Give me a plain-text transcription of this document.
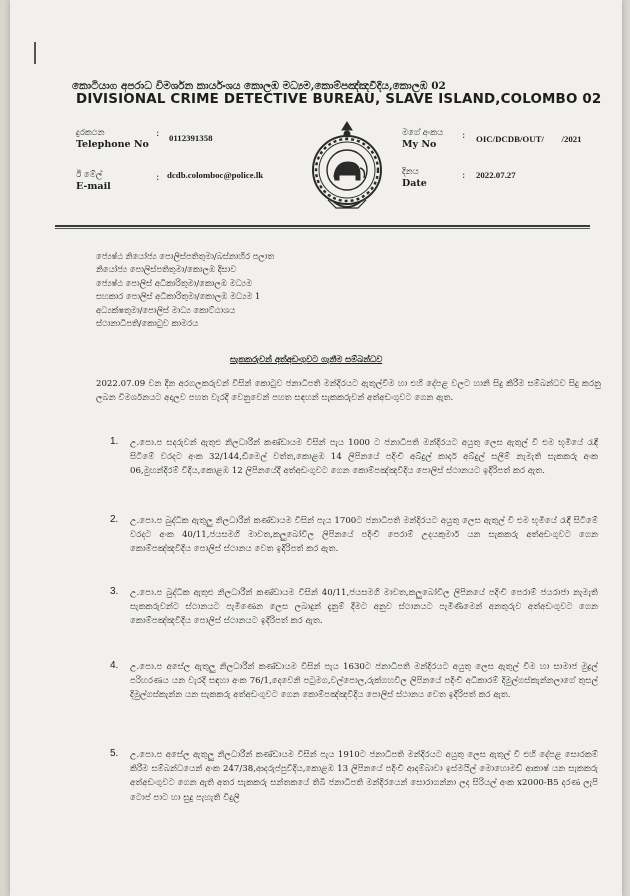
කොටියාග අපරාධ විමර්ශන කාර්යංශය කොලඹ මධ්‍යම,කොම්පඤ්ඤවීදිය,කොලඹ 02
DIVISIONAL CRIME DETECTIVE BUREAU, SLAVE ISLAND,COLOMBO 02
දුරකථන
Telephone No
: 0112391358
ඊ මේල්
E-mail
: dcdb.colomboc@police.lk
මගේ අංකය
My No
: OIC/DCDB/OUT/        /2021
දිනය
Date
: 2022.07.27
ජ්‍යෙෂ්ඨ නියෝජ්‍ය පොලිස්පතිතුමා/බස්නාහිර පලාත
නියෝජ්‍ය පොලිස්පතිතුමා/කොලඹ දිසාව
ජ්‍යෙෂ්ඨ පොලිස් අධිකාරිතුමා/කොලඹ මධ්‍යම
සහකාර පොලිස් අධිකාරිතුමා/කොලඹ මධ්‍යම 1
අධ්‍යක්ෂතුමා/පොලිස් මාධ්‍ය කොට්ඨාශය
ස්ථානාධිපති/කොටුව කාමරය
සැකකරුවන් අත්අඩංගුවට ගැනීම සම්බන්ධව
2022.07.09 වන දින අරගලකරුවන් විසින් කොටුව ජනාධිපති මන්දිරයට ඇතුල්වීම හා එහි දේපළ වලට හානි සිදු කිරීම සම්බන්ධව සිදු කරනු ලබන විමර්ශනයට අදාලව පහත වැරදි වෙනුවෙන් පහත සඳහන් සැකකරුවන් අත්අඩංගුවට ගෙන ඇත.
1. උ.පො.ප සදරුවන් ඇතුළු නිලධාරීන් කණ්ඩායම විසින් පැය 1000 ට ජනාධිපති මන්දිරයට අයුතු ලෙස ඇතුල් වී එම භූමියේ රැඳී සිටීමේ වරදට අංක 32/144,ඩීමෙල් වත්ත,කොළඹ 14 ලිපිනයේ පදිංචි අබ්දුල් කාදර් අබ්දුල් සලීම් නැමැති සැකකරු අංක 06,මුහන්දිරම් වීදිය,කොළඹ 12 ලිපිනයේදී අත්අඩංගුවට ගෙන කොම්පඤ්ඤවීදිය පොලිස් ස්ථානයට ඉදිරිපත් කර ඇත.
2. උ.පො.ප බුද්ධික ඇතුලු නිලධාරීන් කණ්ඩායම විසින් පැය 1700ට ජනාධිපති මන්දිරයට අයුතු ලෙස ඇතුල් වී එම භූමියේ රැඳී සිටීමේ වරදට අංක 40/11,ජයසමගි මාවත,කලුබෝවිල ලිපිනයේ පදිංචි පෙරාම් උදයකුමාර් යන සැකකරු අත්අඩංගුවට ගෙන කොම්පඤ්ඤවීදිය පොලිස් ස්ථානය වෙත ඉදිරිපත් කර ඇත.
3. උ.පො.ප බුද්ධික ඇතුළු නිලධාරීන් කණ්ඩායම විසින් 40/11,ජයසමගි මාවත,කලුබෝවිල ලිපිනයේ පදිංචි පෙරාම් ජයරාජා නැමැති සැකකරුවන්ට ස්ථානයට පැමිණෙන ලෙස ලබාදුන් දැනුම් දීමට අනුව ස්ථානයට පැමිණීමෙන් අනතුරුව අත්අඩංගුවට ගෙන කොම්පඤ්ඤවීදිය පොලිස් ස්ථානයට ඉදිරිපත් කර ඇත.
4. උ.පො.ප අසේල ඇතුලු නිලධාරීන් කණ්ඩායම විසින් පැය 1630ට ජනාධිපති මන්දිරයට අයුතු ලෙස ඇතුල් වීම හා සාමාජ මුද්‍රල් පරිහරණය යන වැරදි සඳහා අංක 76/1,දෙවෙනි පටුමග,වල්පොල,රුක්ගහවිල ලිපිනයේ පදිංචි අධිකාරම් දිමුල්ගස්කැන්නලාගේ තුසල් දිමුල්ගස්කැන්න යන සැකකරු අත්අඩංගුවට ගෙන කොම්පඤ්ඤවීදිය පොලිස් ස්ථානය වෙත ඉදිරිපත් කර ඇත.
5. උ.පො.ප අසේල ඇතුලු නිලධාරීන් කණ්ඩායම විසින් පැය 1910ට ජනාධිපති මන්දිරයට අයුතු ලෙස ඇතුල් වී එහි දේපළ සොරකම් කිරීම සම්බන්ධයෙන් අංක 247/38,ආදරුප්පුවීදිය,කොළඹ 13 ලිපිනයේ පදිංචි ආදම්බාවා ඉස්මයිල් මොහොමඩ් ආකාෂ් යන සැකකරු අත්අඩංගුවට ගෙන ඇති අතර සැකකරු සන්තකයේ තිබී ජනාධිපති මන්දිරයෙන් සොරාගන්නා ලද සිරියල් අංක x2000-B5 දරණ ලැපි ටොප් පාට හා සුදු පැහැති විදුලි
